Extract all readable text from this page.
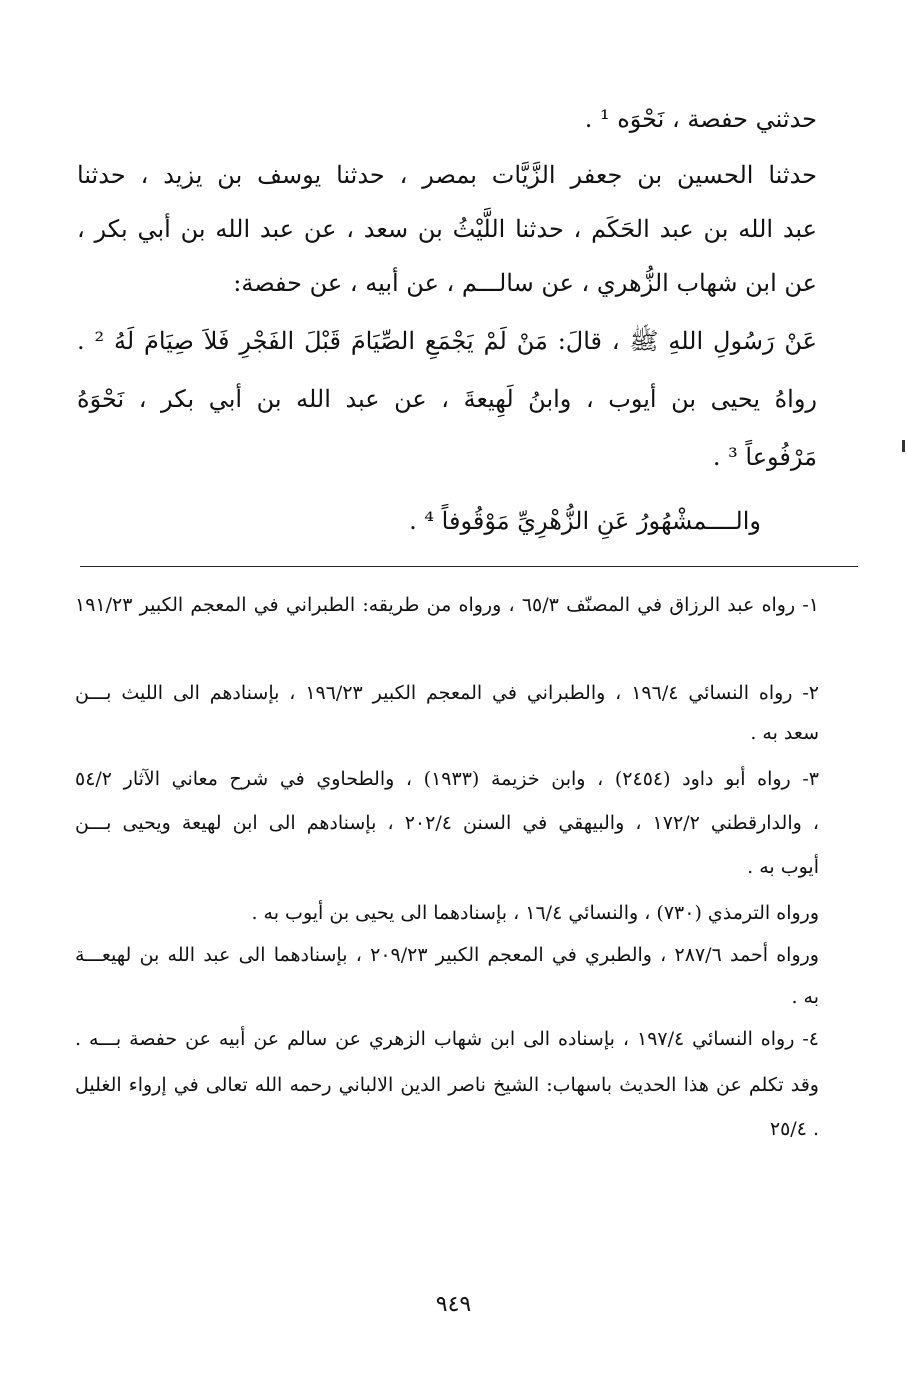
حدثني حفصة ، نَحْوَه ¹ .
حدثنا الحسين بن جعفر الزَّيَّات بمصر ، حدثنا يوسف بن يزيد ، حدثنا
عبد الله بن عبد الحَكَم ، حدثنا اللَّيْثُ بن سعد ، عن عبد الله بن أبي بكر ،
عن ابن شهاب الزُّهري ، عن سالـــم ، عن أبيه ، عن حفصة:
عَنْ رَسُولِ اللهِ ﷺ ، قالَ: مَنْ لَمْ يَجْمَعِ الصِّيَامَ قَبْلَ الفَجْرِ فَلاَ صِيَامَ لَهُ ² .
رواهُ يحيى بن أيوب ، وابنُ لَهِيعةَ ، عن عبد الله بن أبي بكر ، نَحْوَهُ
مَرْفُوعاً ³ .
والــــمشْهُورُ عَنِ الزُّهْرِيِّ مَوْقُوفاً ⁴ .
١- رواه عبد الرزاق في المصنّف ٦٥/٣ ، ورواه من طريقه: الطبراني في المعجم الكبير ١٩١/٢٣
٢- رواه النسائي ١٩٦/٤ ، والطبراني في المعجم الكبير ١٩٦/٢٣ ، بإسنادهم الى الليث بـــن
سعد به .
٣- رواه أبو داود (٢٤٥٤) ، وابن خزيمة (١٩٣٣) ، والطحاوي في شرح معاني الآثار ٥٤/٢
، والدارقطني ١٧٢/٢ ، والبيهقي في السنن ٢٠٢/٤ ، بإسنادهم الى ابن لهيعة ويحيى بـــن
أيوب به .
ورواه الترمذي (٧٣٠) ، والنسائي ١٦/٤ ، بإسنادهما الى يحيى بن أيوب به .
ورواه أحمد ٢٨٧/٦ ، والطبري في المعجم الكبير ٢٠٩/٢٣ ، بإسنادهما الى عبد الله بن لهيعـــة
به .
٤- رواه النسائي ١٩٧/٤ ، بإسناده الى ابن شهاب الزهري عن سالم عن أبيه عن حفصة بـــه .
وقد تكلم عن هذا الحديث باسهاب: الشيخ ناصر الدين الالباني رحمه الله تعالى في إرواء الغليل
٢٥/٤ .
٩٤٩
